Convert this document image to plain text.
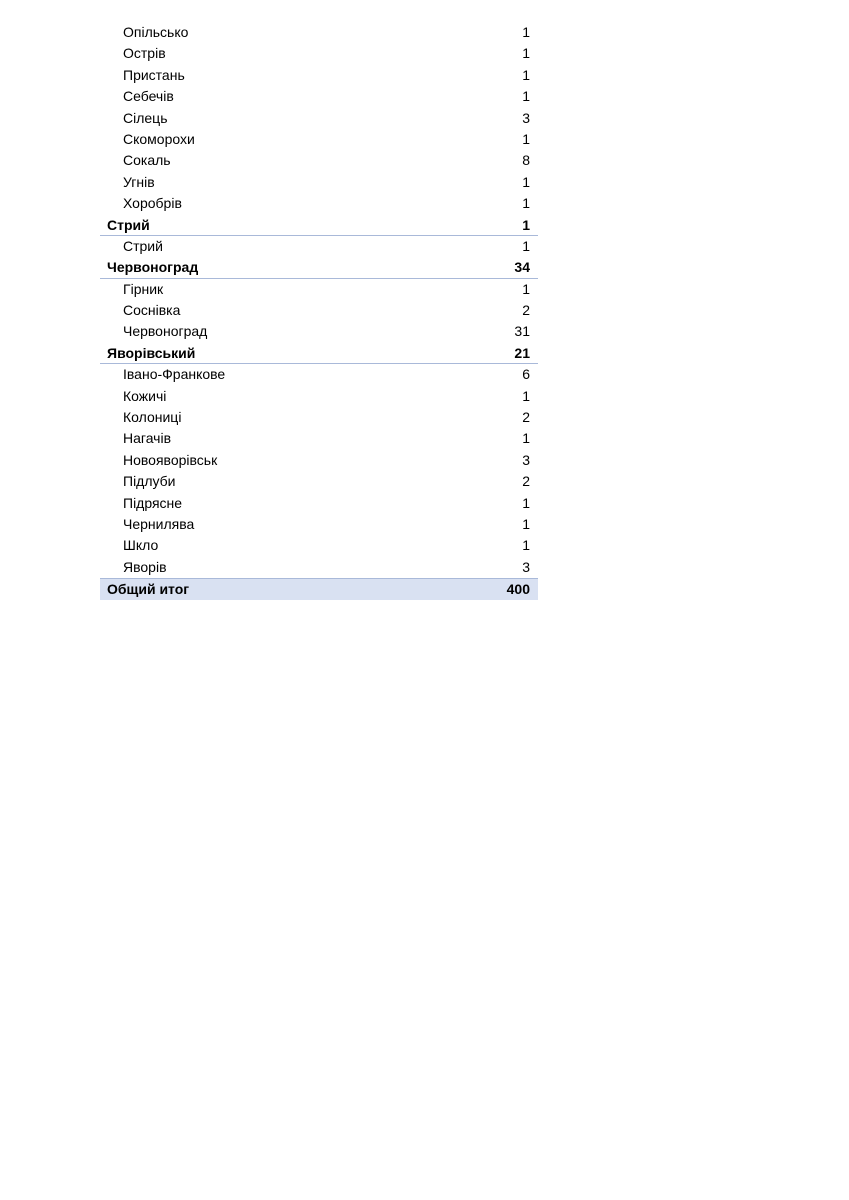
Опільсько	1
Острів	1
Пристань	1
Себечів	1
Сілець	3
Скоморохи	1
Сокаль	8
Угнів	1
Хоробрів	1
Стрий	1
Стрий	1
Червоноград	34
Гірник	1
Соснівка	2
Червоноград	31
Яворівський	21
Івано-Франкове	6
Кожичі	1
Колониці	2
Нагачів	1
Новояворівськ	3
Підлуби	2
Підрясне	1
Чернилява	1
Шкло	1
Яворів	3
Общий итог	400
